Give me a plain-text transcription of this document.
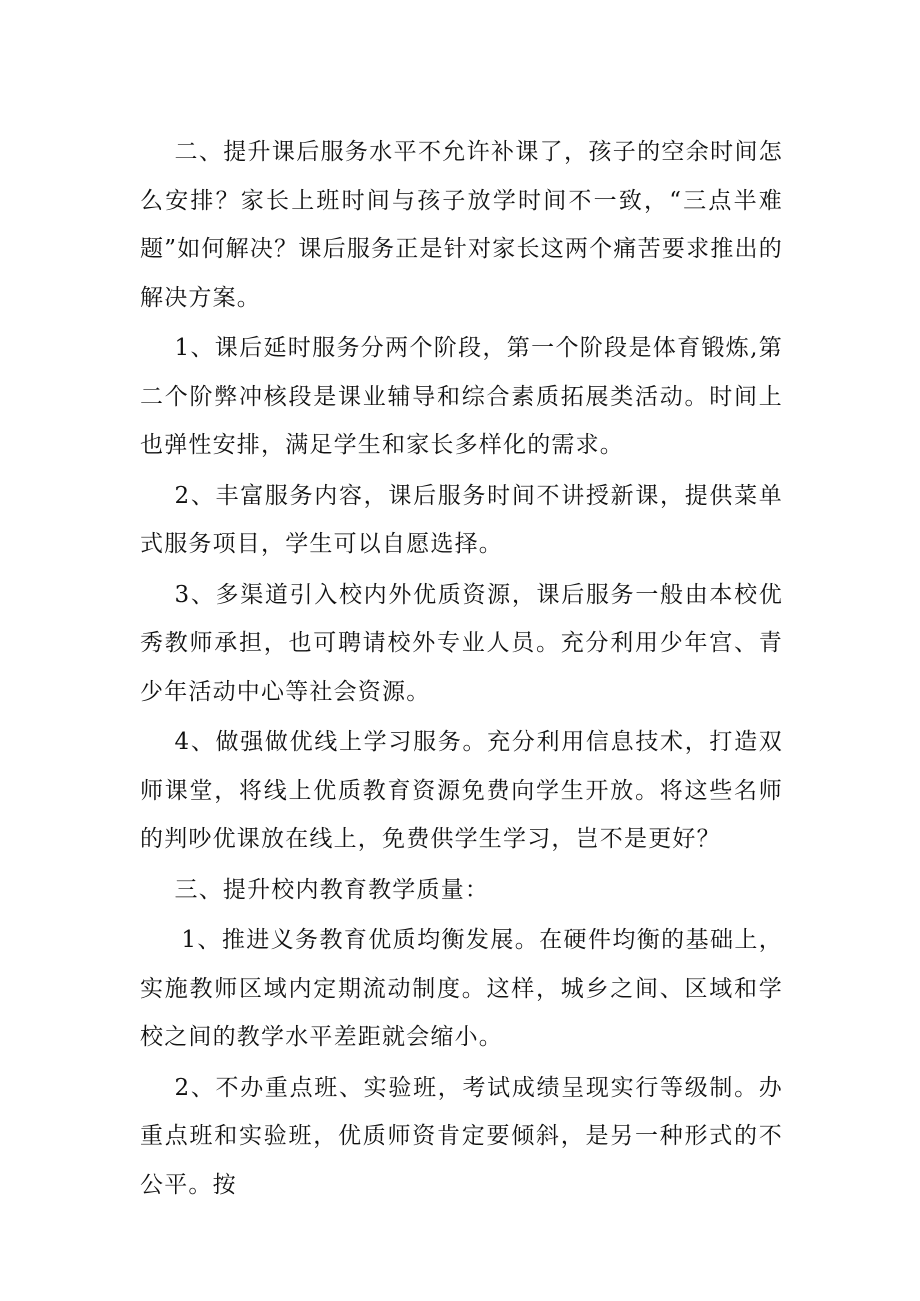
二、提升课后服务水平不允许补课了，孩子的空余时间怎么安排？家长上班时间与孩子放学时间不一致，“三点半难题”如何解决？课后服务正是针对家长这两个痛苦要求推出的解决方案。

1、课后延时服务分两个阶段，第一个阶段是体育锻炼,第二个阶弊冲核段是课业辅导和综合素质拓展类活动。时间上也弹性安排，满足学生和家长多样化的需求。

2、丰富服务内容，课后服务时间不讲授新课，提供菜单式服务项目，学生可以自愿选择。

3、多渠道引入校内外优质资源，课后服务一般由本校优秀教师承担，也可聘请校外专业人员。充分利用少年宫、青少年活动中心等社会资源。

4、做强做优线上学习服务。充分利用信息技术，打造双师课堂，将线上优质教育资源免费向学生开放。将这些名师的判吵优课放在线上，免费供学生学习，岂不是更好？

三、提升校内教育教学质量：

1、推进义务教育优质均衡发展。在硬件均衡的基础上，实施教师区域内定期流动制度。这样，城乡之间、区域和学校之间的教学水平差距就会缩小。

2、不办重点班、实验班，考试成绩呈现实行等级制。办重点班和实验班，优质师资肯定要倾斜，是另一种形式的不公平。按
